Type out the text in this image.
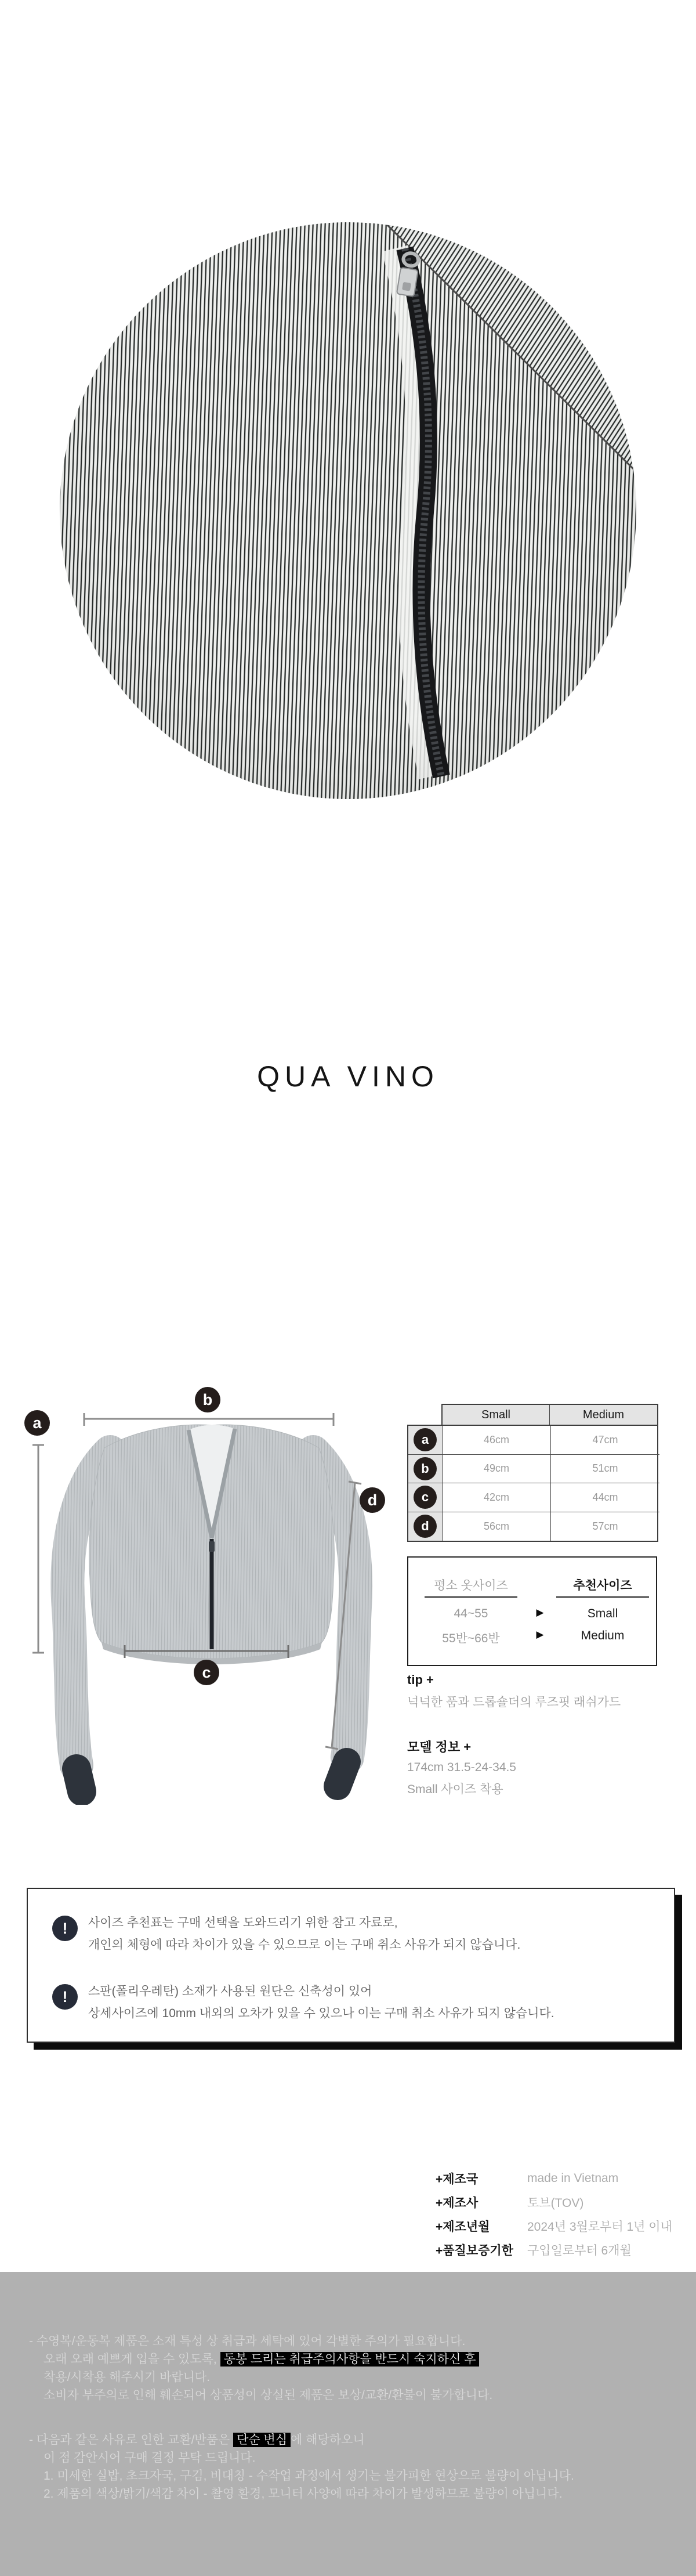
QUA VINO
b
a
c
d
Small	Medium
a	46cm	47cm
b	49cm	51cm
c	42cm	44cm
d	56cm	57cm
평소 옷사이즈	추천사이즈
44~55	▶	Small
55반~66반	▶	Medium
tip +
넉넉한 품과 드롭숄더의 루즈핏 래쉬가드
모델 정보 +
174cm 31.5-24-34.5
Small 사이즈 착용
!	사이즈 추천표는 구매 선택을 도와드리기 위한 참고 자료로,
개인의 체형에 따라 차이가 있을 수 있으므로 이는 구매 취소 사유가 되지 않습니다.
!	스판(폴리우레탄) 소재가 사용된 원단은 신축성이 있어
상세사이즈에 10mm 내외의 오차가 있을 수 있으나 이는 구매 취소 사유가 되지 않습니다.
+제조국	made in Vietnam
+제조사	토브(TOV)
+제조년월	2024년 3월로부터 1년 이내
+품질보증기한	구입일로부터 6개월
- 수영복/운동복 제품은 소재 특성 상 취급과 세탁에 있어 각별한 주의가 필요합니다.
오래 오래 예쁘게 입을 수 있도록, 동봉 드리는 취급주의사항을 반드시 숙지하신 후
착용/시착용 해주시기 바랍니다.
소비자 부주의로 인해 훼손되어 상품성이 상실된 제품은 보상/교환/환불이 불가합니다.
- 다음과 같은 사유로 인한 교환/반품은 단순 변심 에 해당하오니
이 점 감안시어 구매 결정 부탁 드립니다.
1. 미세한 실밥, 초크자국, 구김, 비대칭 - 수작업 과정에서 생기는 불가피한 현상으로 불량이 아닙니다.
2. 제품의 색상/밝기/색감 차이 - 촬영 환경, 모니터 사양에 따라 차이가 발생하므로 불량이 아닙니다.
